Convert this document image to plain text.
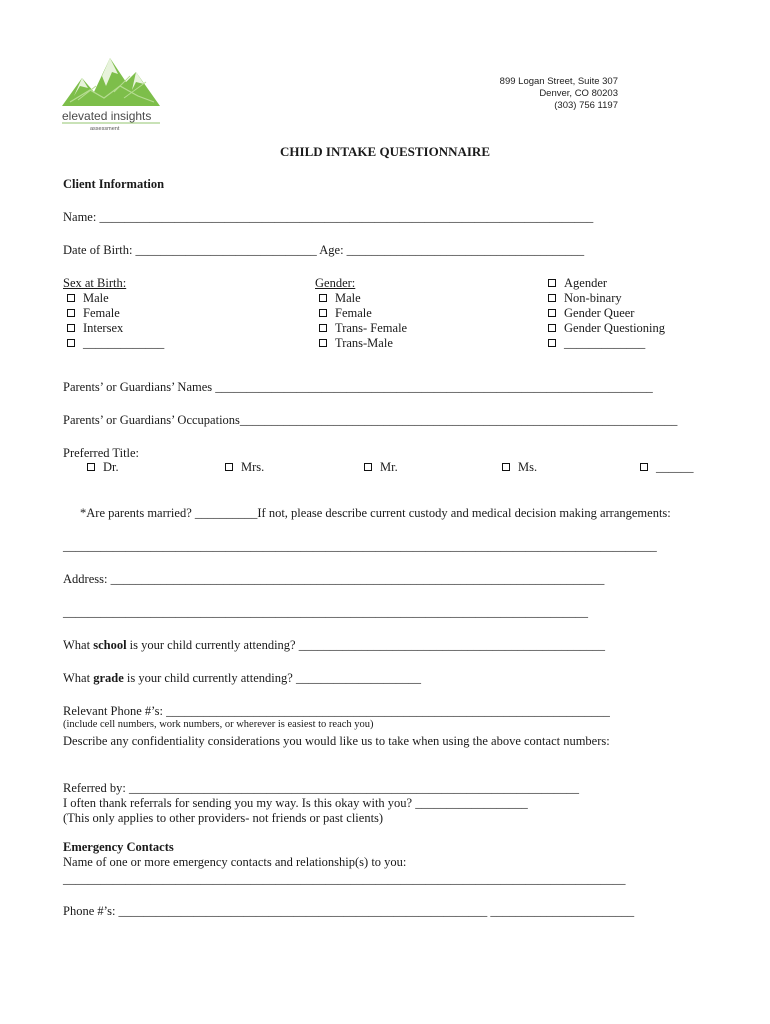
elevated insights
assessment
899 Logan Street, Suite 307
Denver, CO 80203
(303) 756 1197
CHILD INTAKE QUESTIONNAIRE
Client Information
Name: _______________________________________________________________________________
Date of Birth: _____________________________ Age: ______________________________________
Sex at Birth:
Male
Female
Intersex
_____________
Gender:
Male
Female
Trans- Female
Trans-Male
Agender
Non-binary
Gender Queer
Gender Questioning
_____________
Parents’ or Guardians’ Names ______________________________________________________________________
Parents’ or Guardians’ Occupations______________________________________________________________________
Preferred Title:
Dr.	Mrs.	Mr.	Ms.	______
*Are parents married? __________If not, please describe current custody and medical decision making arrangements:
_______________________________________________________________________________________________
Address: _______________________________________________________________________________
____________________________________________________________________________________
What school is your child currently attending? _________________________________________________
What grade is your child currently attending? ____________________
Relevant Phone #’s: _______________________________________________________________________
(include cell numbers, work numbers, or wherever is easiest to reach you)
Describe any confidentiality considerations you would like us to take when using the above contact numbers:
Referred by: ________________________________________________________________________
I often thank referrals for sending you my way. Is this okay with you? __________________
(This only applies to other providers- not friends or past clients)
Emergency Contacts
Name of one or more emergency contacts and relationship(s) to you:
__________________________________________________________________________________________
Phone #’s: ___________________________________________________________ _______________________
